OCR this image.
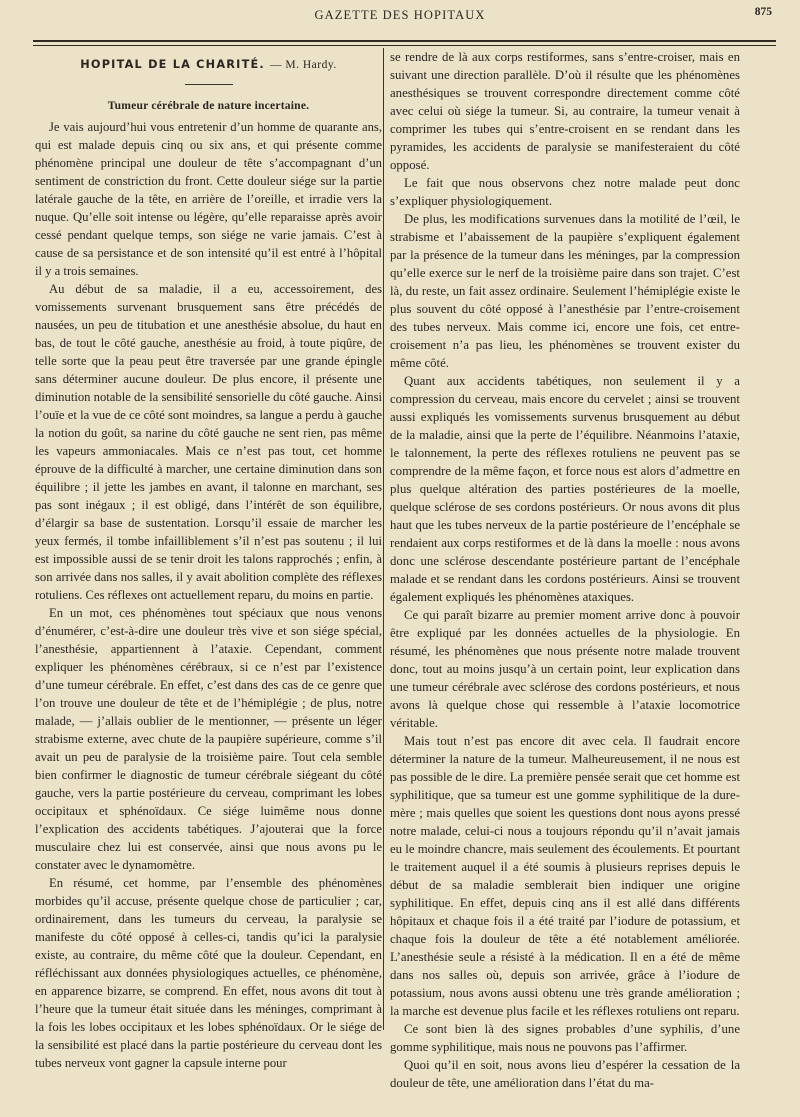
GAZETTE DES HOPITAUX	875
HOPITAL DE LA CHARITÉ. — M. Hardy.
Tumeur cérébrale de nature incertaine.

Je vais aujourd’hui vous entretenir d’un homme de quarante ans, qui est malade depuis cinq ou six ans, et qui présente comme phénomène principal une douleur de tête s’accompagnant d’un sentiment de constriction du front. Cette douleur siége sur la partie latérale gauche de la tête, en arrière de l’oreille, et irradie vers la nuque. Qu’elle soit intense ou légère, qu’elle reparaisse après avoir cessé pendant quelque temps, son siége ne varie jamais. C’est à cause de sa persistance et de son intensité qu’il est entré à l’hôpital il y a trois semaines.

Au début de sa maladie, il a eu, accessoirement, des vomissements survenant brusquement sans être précédés de nausées, un peu de titubation et une anesthésie absolue, du haut en bas, de tout le côté gauche, anesthésie au froid, à toute piqûre, de telle sorte que la peau peut être traversée par une grande épingle sans déterminer aucune douleur. De plus encore, il présente une diminution notable de la sensibilité sensorielle du côté gauche. Ainsi l’ouïe et la vue de ce côté sont moindres, sa langue a perdu à gauche la notion du goût, sa narine du côté gauche ne sent rien, pas même les vapeurs ammoniacales. Mais ce n’est pas tout, cet homme éprouve de la difficulté à marcher, une certaine diminution dans son équilibre ; il jette les jambes en avant, il talonne en marchant, ses pas sont inégaux ; il est obligé, dans l’intérêt de son équilibre, d’élargir sa base de sustentation. Lorsqu’il essaie de marcher les yeux fermés, il tombe infailliblement s’il n’est pas soutenu ; il lui est impossible aussi de se tenir droit les talons rapprochés ; enfin, à son arrivée dans nos salles, il y avait abolition complète des réflexes rotuliens. Ces réflexes ont actuellement reparu, du moins en partie.

En un mot, ces phénomènes tout spéciaux que nous venons d’énumérer, c’est-à-dire une douleur très vive et son siége spécial, l’anesthésie, appartiennent à l’ataxie. Cependant, comment expliquer les phénomènes cérébraux, si ce n’est par l’existence d’une tumeur cérébrale. En effet, c’est dans des cas de ce genre que l’on trouve une douleur de tête et de l’hémiplégie ; de plus, notre malade, — j’allais oublier de le mentionner, — présente un léger strabisme externe, avec chute de la paupière supérieure, comme s’il avait un peu de paralysie de la troisième paire. Tout cela semble bien confirmer le diagnostic de tumeur cérébrale siégeant du côté gauche, vers la partie postérieure du cerveau, comprimant les lobes occipitaux et sphénoïdaux. Ce siége luimême nous donne l’explication des accidents tabétiques. J’ajouterai que la force musculaire chez lui est conservée, ainsi que nous avons pu le constater avec le dynamomètre.

En résumé, cet homme, par l’ensemble des phénomènes morbides qu’il accuse, présente quelque chose de particulier ; car, ordinairement, dans les tumeurs du cerveau, la paralysie se manifeste du côté opposé à celles-ci, tandis qu’ici la paralysie existe, au contraire, du même côté que la douleur. Cependant, en réfléchissant aux données physiologiques actuelles, ce phénomène, en apparence bizarre, se comprend. En effet, nous avons dit tout à l’heure que la tumeur était située dans les méninges, comprimant à la fois les lobes occipitaux et les lobes sphénoïdaux. Or le siége de la sensibilité est placé dans la partie postérieure du cerveau dont les tubes nerveux vont gagner la capsule interne pour

se rendre de là aux corps restiformes, sans s’entre-croiser, mais en suivant une direction parallèle. D’où il résulte que les phénomènes anesthésiques se trouvent correspondre directement comme côté avec celui où siége la tumeur. Si, au contraire, la tumeur venait à comprimer les tubes qui s’entre-croisent en se rendant dans les pyramides, les accidents de paralysie se manifesteraient du côté opposé.

Le fait que nous observons chez notre malade peut donc s’expliquer physiologiquement.

De plus, les modifications survenues dans la motilité de l’œil, le strabisme et l’abaissement de la paupière s’expliquent également par la présence de la tumeur dans les méninges, par la compression qu’elle exerce sur le nerf de la troisième paire dans son trajet. C’est là, du reste, un fait assez ordinaire. Seulement l’hémiplégie existe le plus souvent du côté opposé à l’anesthésie par l’entre-croisement des tubes nerveux. Mais comme ici, encore une fois, cet entre-croisement n’a pas lieu, les phénomènes se trouvent exister du même côté.

Quant aux accidents tabétiques, non seulement il y a compression du cerveau, mais encore du cervelet ; ainsi se trouvent aussi expliqués les vomissements survenus brusquement au début de la maladie, ainsi que la perte de l’équilibre. Néanmoins l’ataxie, le talonnement, la perte des réflexes rotuliens ne peuvent pas se comprendre de la même façon, et force nous est alors d’admettre en plus quelque altération des parties postérieures de la moelle, quelque sclérose de ses cordons postérieurs. Or nous avons dit plus haut que les tubes nerveux de la partie postérieure de l’encéphale se rendaient aux corps restiformes et de là dans la moelle : nous avons donc une sclérose descendante postérieure partant de l’encéphale malade et se rendant dans les cordons postérieurs. Ainsi se trouvent également expliqués les phénomènes ataxiques.

Ce qui paraît bizarre au premier moment arrive donc à pouvoir être expliqué par les données actuelles de la physiologie. En résumé, les phénomènes que nous présente notre malade trouvent donc, tout au moins jusqu’à un certain point, leur explication dans une tumeur cérébrale avec sclérose des cordons postérieurs, et nous avons là quelque chose qui ressemble à l’ataxie locomotrice véritable.

Mais tout n’est pas encore dit avec cela. Il faudrait encore déterminer la nature de la tumeur. Malheureusement, il ne nous est pas possible de le dire. La première pensée serait que cet homme est syphilitique, que sa tumeur est une gomme syphilitique de la dure-mère ; mais quelles que soient les questions dont nous ayons pressé notre malade, celui-ci nous a toujours répondu qu’il n’avait jamais eu le moindre chancre, mais seulement des écoulements. Et pourtant le traitement auquel il a été soumis à plusieurs reprises depuis le début de sa maladie semblerait bien indiquer une origine syphilitique. En effet, depuis cinq ans il est allé dans différents hôpitaux et chaque fois il a été traité par l’iodure de potassium, et chaque fois la douleur de tête a été notablement améliorée. L’anesthésie seule a résisté à la médication. Il en a été de même dans nos salles où, depuis son arrivée, grâce à l’iodure de potassium, nous avons aussi obtenu une très grande amélioration ; la marche est devenue plus facile et les réflexes rotuliens ont reparu.

Ce sont bien là des signes probables d’une syphilis, d’une gomme syphilitique, mais nous ne pouvons pas l’affirmer.

Quoi qu’il en soit, nous avons lieu d’espérer la cessation de la douleur de tête, une amélioration dans l’état du ma-
